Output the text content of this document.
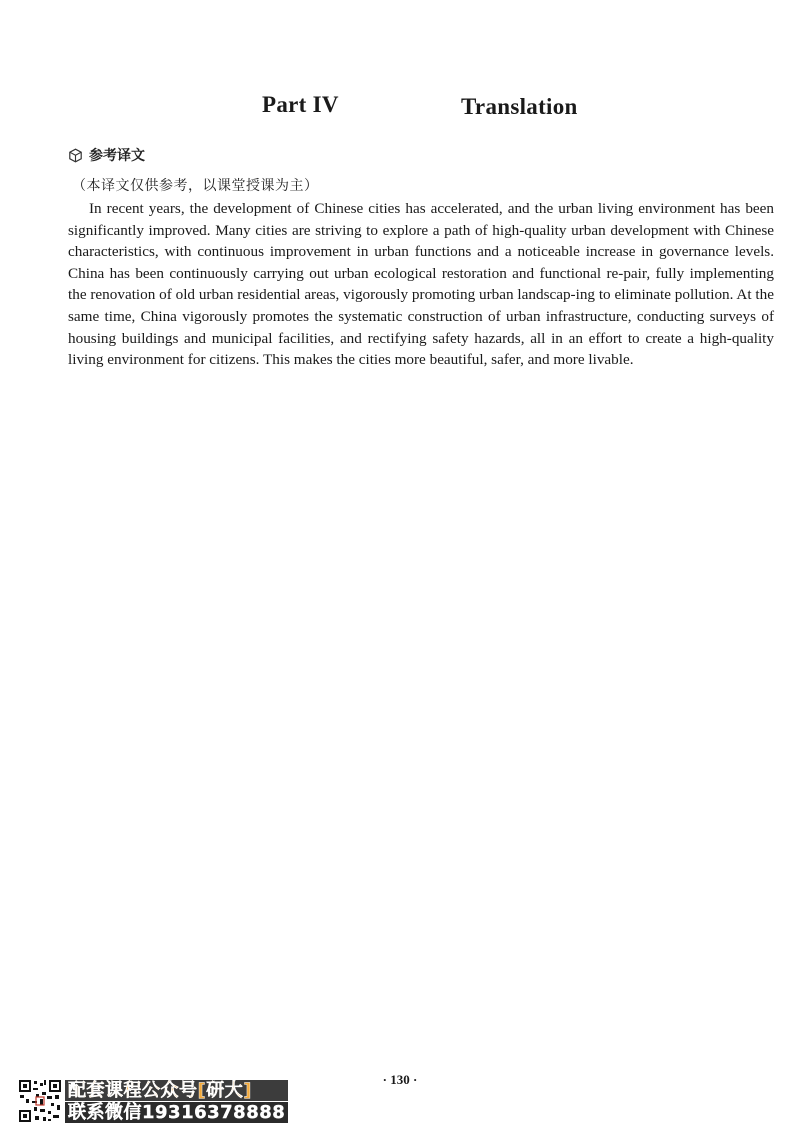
Part IV	Translation
参考译文
（本译文仅供参考，以课堂授课为主）

In recent years, the development of Chinese cities has accelerated, and the urban living environment has been significantly improved. Many cities are striving to explore a path of high-quality urban development with Chinese characteristics, with continuous improvement in urban functions and a noticeable increase in governance levels. China has been continuously carrying out urban ecological restoration and functional re-pair, fully implementing the renovation of old urban residential areas, vigorously promoting urban landscap-ing to eliminate pollution. At the same time, China vigorously promotes the systematic construction of urban infrastructure, conducting surveys of housing buildings and municipal facilities, and rectifying safety hazards, all in an effort to create a high-quality living environment for citizens. This makes the cities more beautiful, safer, and more livable.

· 130 ·
配套课程公众号[研大]
联系微信19316378888
